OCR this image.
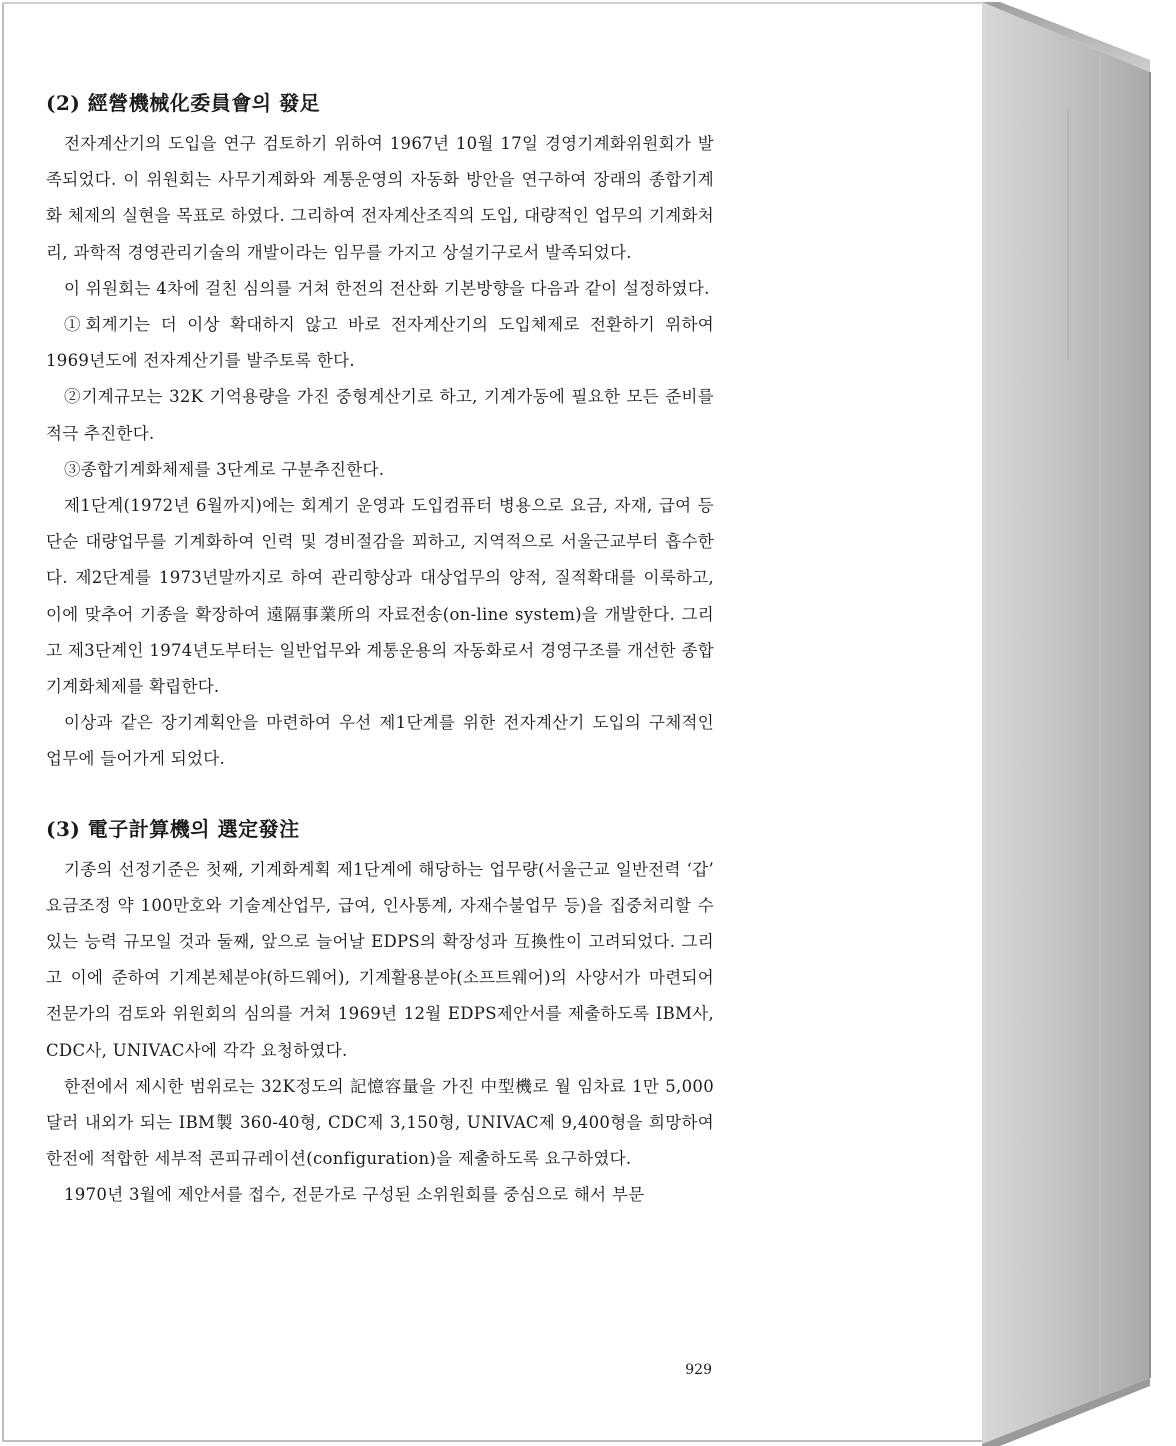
(2) 經營機械化委員會의 發足

전자계산기의 도입을 연구 검토하기 위하여 1967년 10월 17일 경영기계화위원회가 발족되었다. 이 위원회는 사무기계화와 계통운영의 자동화 방안을 연구하여 장래의 종합기계화 체제의 실현을 목표로 하였다. 그리하여 전자계산조직의 도입, 대량적인 업무의 기계화처리, 과학적 경영관리기술의 개발이라는 임무를 가지고 상설기구로서 발족되었다.

이 위원회는 4차에 걸친 심의를 거쳐 한전의 전산화 기본방향을 다음과 같이 설정하였다.

①회계기는 더 이상 확대하지 않고 바로 전자계산기의 도입체제로 전환하기 위하여 1969년도에 전자계산기를 발주토록 한다.

②기계규모는 32K 기억용량을 가진 중형계산기로 하고, 기계가동에 필요한 모든 준비를 적극 추진한다.

③종합기계화체제를 3단계로 구분추진한다.

제1단계(1972년 6월까지)에는 회계기 운영과 도입컴퓨터 병용으로 요금, 자재, 급여 등 단순 대량업무를 기계화하여 인력 및 경비절감을 꾀하고, 지역적으로 서울근교부터 흡수한다. 제2단계를 1973년말까지로 하여 관리향상과 대상업무의 양적, 질적확대를 이룩하고, 이에 맞추어 기종을 확장하여 遠隔事業所의 자료전송(on-line system)을 개발한다. 그리고 제3단계인 1974년도부터는 일반업무와 계통운용의 자동화로서 경영구조를 개선한 종합기계화체제를 확립한다.

이상과 같은 장기계획안을 마련하여 우선 제1단계를 위한 전자계산기 도입의 구체적인 업무에 들어가게 되었다.

(3) 電子計算機의 選定發注

기종의 선정기준은 첫째, 기계화계획 제1단계에 해당하는 업무량(서울근교 일반전력 ‘갑’ 요금조정 약 100만호와 기술계산업무, 급여, 인사통계, 자재수불업무 등)을 집중처리할 수 있는 능력 규모일 것과 둘째, 앞으로 늘어날 EDPS의 확장성과 互換性이 고려되었다. 그리고 이에 준하여 기계본체분야(하드웨어), 기계활용분야(소프트웨어)의 사양서가 마련되어 전문가의 검토와 위원회의 심의를 거쳐 1969년 12월 EDPS제안서를 제출하도록 IBM사, CDC사, UNIVAC사에 각각 요청하였다.

한전에서 제시한 범위로는 32K정도의 記憶容量을 가진 中型機로 월 임차료 1만 5,000달러 내외가 되는 IBM製 360-40형, CDC제 3,150형, UNIVAC제 9,400형을 희망하여 한전에 적합한 세부적 콘피규레이션(configuration)을 제출하도록 요구하였다.

1970년 3월에 제안서를 접수, 전문가로 구성된 소위원회를 중심으로 해서 부문

929
